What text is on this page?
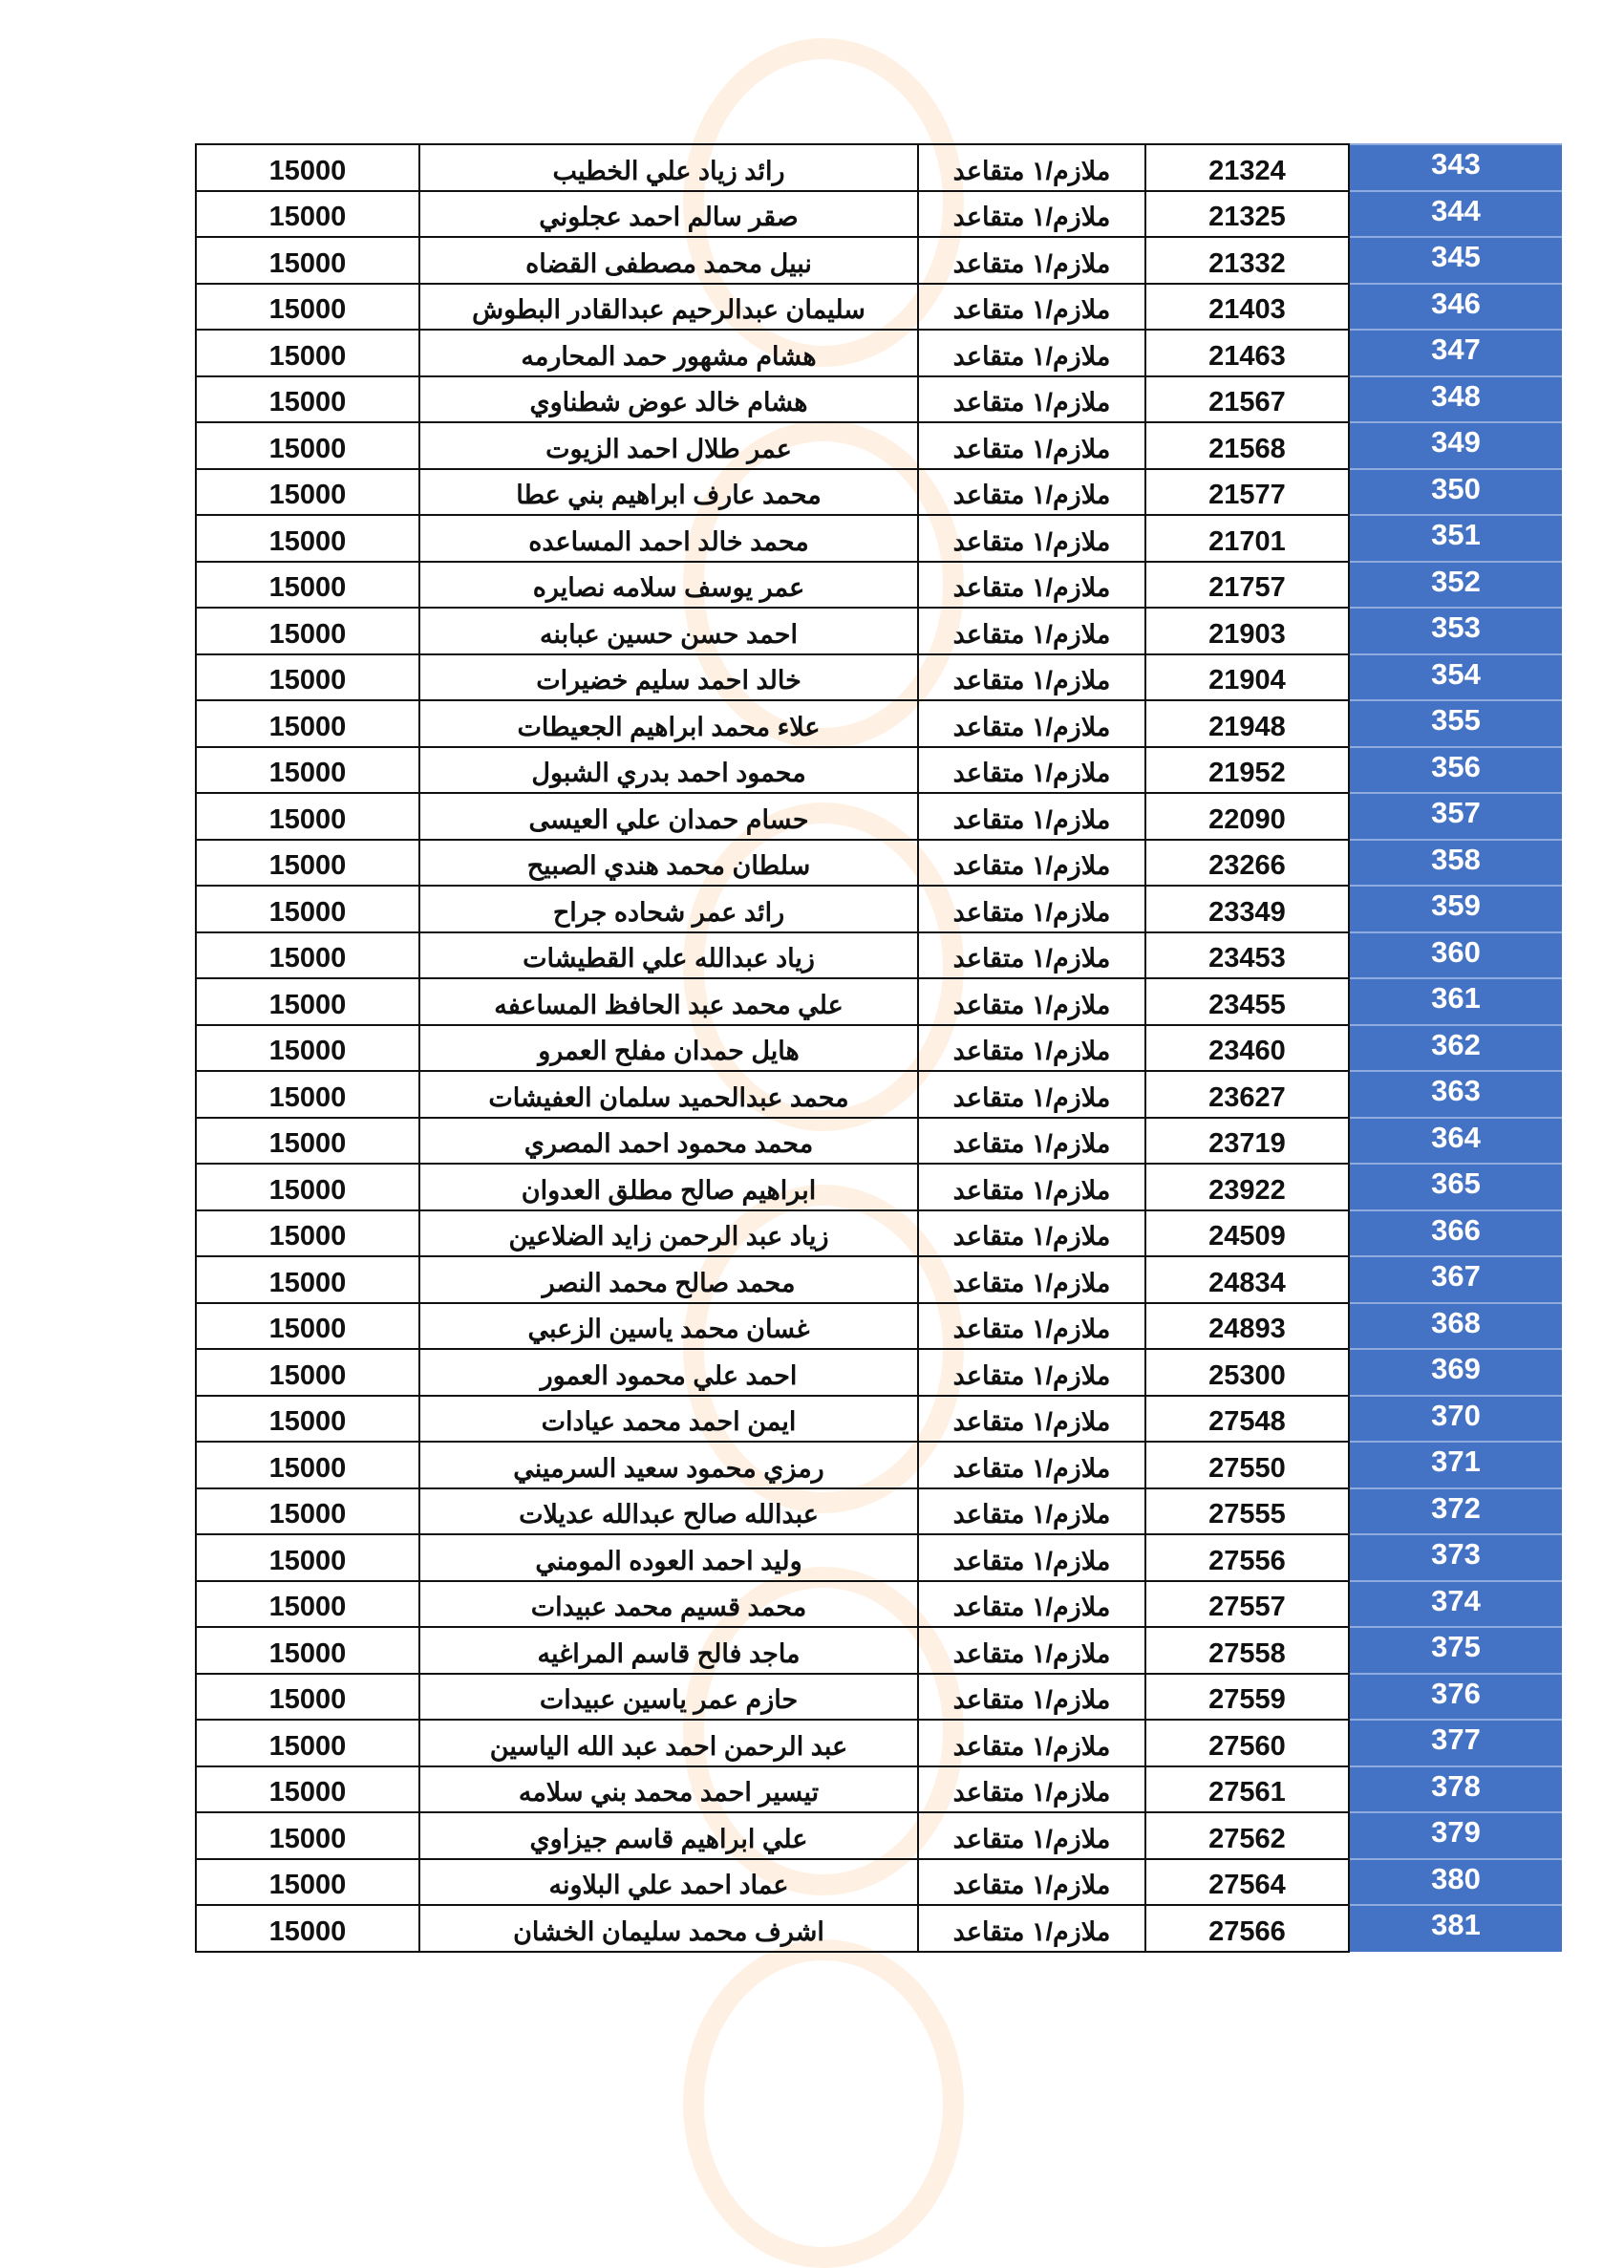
15000	رائد زياد علي الخطيب	ملازم/١ متقاعد	21324	343
15000	صقر سالم احمد عجلوني	ملازم/١ متقاعد	21325	344
15000	نبيل محمد مصطفى القضاه	ملازم/١ متقاعد	21332	345
15000	سليمان عبدالرحيم عبدالقادر البطوش	ملازم/١ متقاعد	21403	346
15000	هشام مشهور حمد المحارمه	ملازم/١ متقاعد	21463	347
15000	هشام خالد عوض شطناوي	ملازم/١ متقاعد	21567	348
15000	عمر طلال احمد الزيوت	ملازم/١ متقاعد	21568	349
15000	محمد عارف ابراهيم بني عطا	ملازم/١ متقاعد	21577	350
15000	محمد خالد احمد المساعده	ملازم/١ متقاعد	21701	351
15000	عمر يوسف سلامه نصايره	ملازم/١ متقاعد	21757	352
15000	احمد حسن حسين عبابنه	ملازم/١ متقاعد	21903	353
15000	خالد احمد سليم خضيرات	ملازم/١ متقاعد	21904	354
15000	علاء محمد ابراهيم الجعيطات	ملازم/١ متقاعد	21948	355
15000	محمود احمد بدري الشبول	ملازم/١ متقاعد	21952	356
15000	حسام حمدان علي العيسى	ملازم/١ متقاعد	22090	357
15000	سلطان محمد هندي الصبيح	ملازم/١ متقاعد	23266	358
15000	رائد عمر شحاده جراح	ملازم/١ متقاعد	23349	359
15000	زياد عبدالله علي القطيشات	ملازم/١ متقاعد	23453	360
15000	علي محمد عبد الحافظ المساعفه	ملازم/١ متقاعد	23455	361
15000	هايل حمدان مفلح العمرو	ملازم/١ متقاعد	23460	362
15000	محمد عبدالحميد سلمان العفيشات	ملازم/١ متقاعد	23627	363
15000	محمد محمود احمد المصري	ملازم/١ متقاعد	23719	364
15000	ابراهيم صالح مطلق العدوان	ملازم/١ متقاعد	23922	365
15000	زياد عبد الرحمن زايد الضلاعين	ملازم/١ متقاعد	24509	366
15000	محمد صالح محمد النصر	ملازم/١ متقاعد	24834	367
15000	غسان محمد ياسين الزعبي	ملازم/١ متقاعد	24893	368
15000	احمد علي محمود العمور	ملازم/١ متقاعد	25300	369
15000	ايمن احمد محمد عيادات	ملازم/١ متقاعد	27548	370
15000	رمزي محمود سعيد السرميني	ملازم/١ متقاعد	27550	371
15000	عبدالله صالح عبدالله عديلات	ملازم/١ متقاعد	27555	372
15000	وليد احمد العوده المومني	ملازم/١ متقاعد	27556	373
15000	محمد قسيم محمد عبيدات	ملازم/١ متقاعد	27557	374
15000	ماجد فالح قاسم المراغيه	ملازم/١ متقاعد	27558	375
15000	حازم عمر ياسين عبيدات	ملازم/١ متقاعد	27559	376
15000	عبد الرحمن احمد عبد الله الياسين	ملازم/١ متقاعد	27560	377
15000	تيسير احمد محمد بني سلامه	ملازم/١ متقاعد	27561	378
15000	علي ابراهيم قاسم جيزاوي	ملازم/١ متقاعد	27562	379
15000	عماد احمد علي البلاونه	ملازم/١ متقاعد	27564	380
15000	اشرف محمد سليمان الخشان	ملازم/١ متقاعد	27566	381
